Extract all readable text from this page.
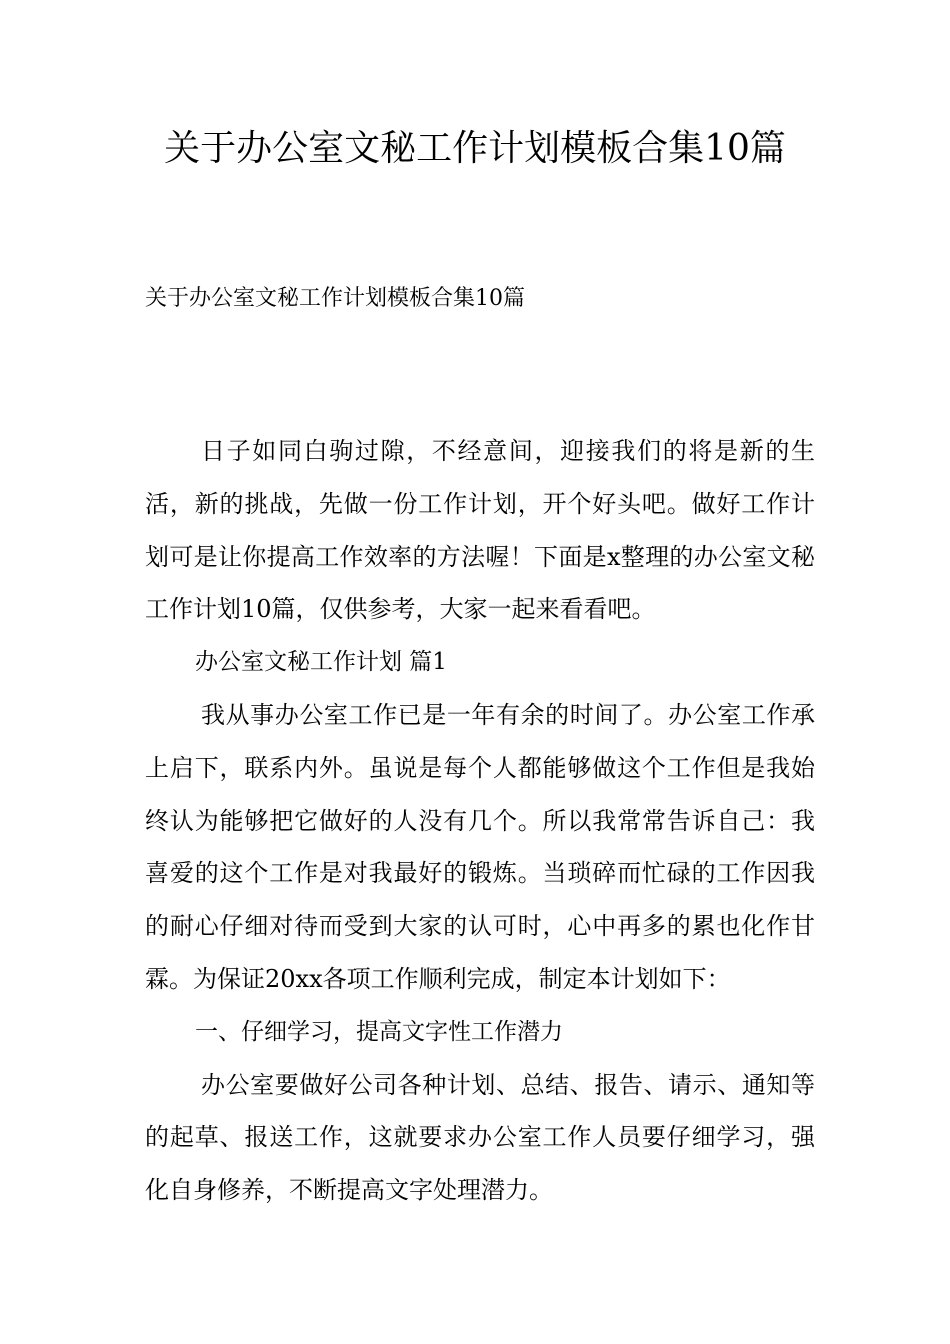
关于办公室文秘工作计划模板合集10篇
关于办公室文秘工作计划模板合集10篇

日子如同白驹过隙，不经意间，迎接我们的将是新的生活，新的挑战，先做一份工作计划，开个好头吧。做好工作计划可是让你提高工作效率的方法喔！下面是x整理的办公室文秘工作计划10篇，仅供参考，大家一起来看看吧。

办公室文秘工作计划 篇1

我从事办公室工作已是一年有余的时间了。办公室工作承上启下，联系内外。虽说是每个人都能够做这个工作但是我始终认为能够把它做好的人没有几个。所以我常常告诉自己：我喜爱的这个工作是对我最好的锻炼。当琐碎而忙碌的工作因我的耐心仔细对待而受到大家的认可时，心中再多的累也化作甘霖。为保证20xx各项工作顺利完成，制定本计划如下：

一、仔细学习，提高文字性工作潜力

办公室要做好公司各种计划、总结、报告、请示、通知等的起草、报送工作，这就要求办公室工作人员要仔细学习，强化自身修养，不断提高文字处理潜力。
